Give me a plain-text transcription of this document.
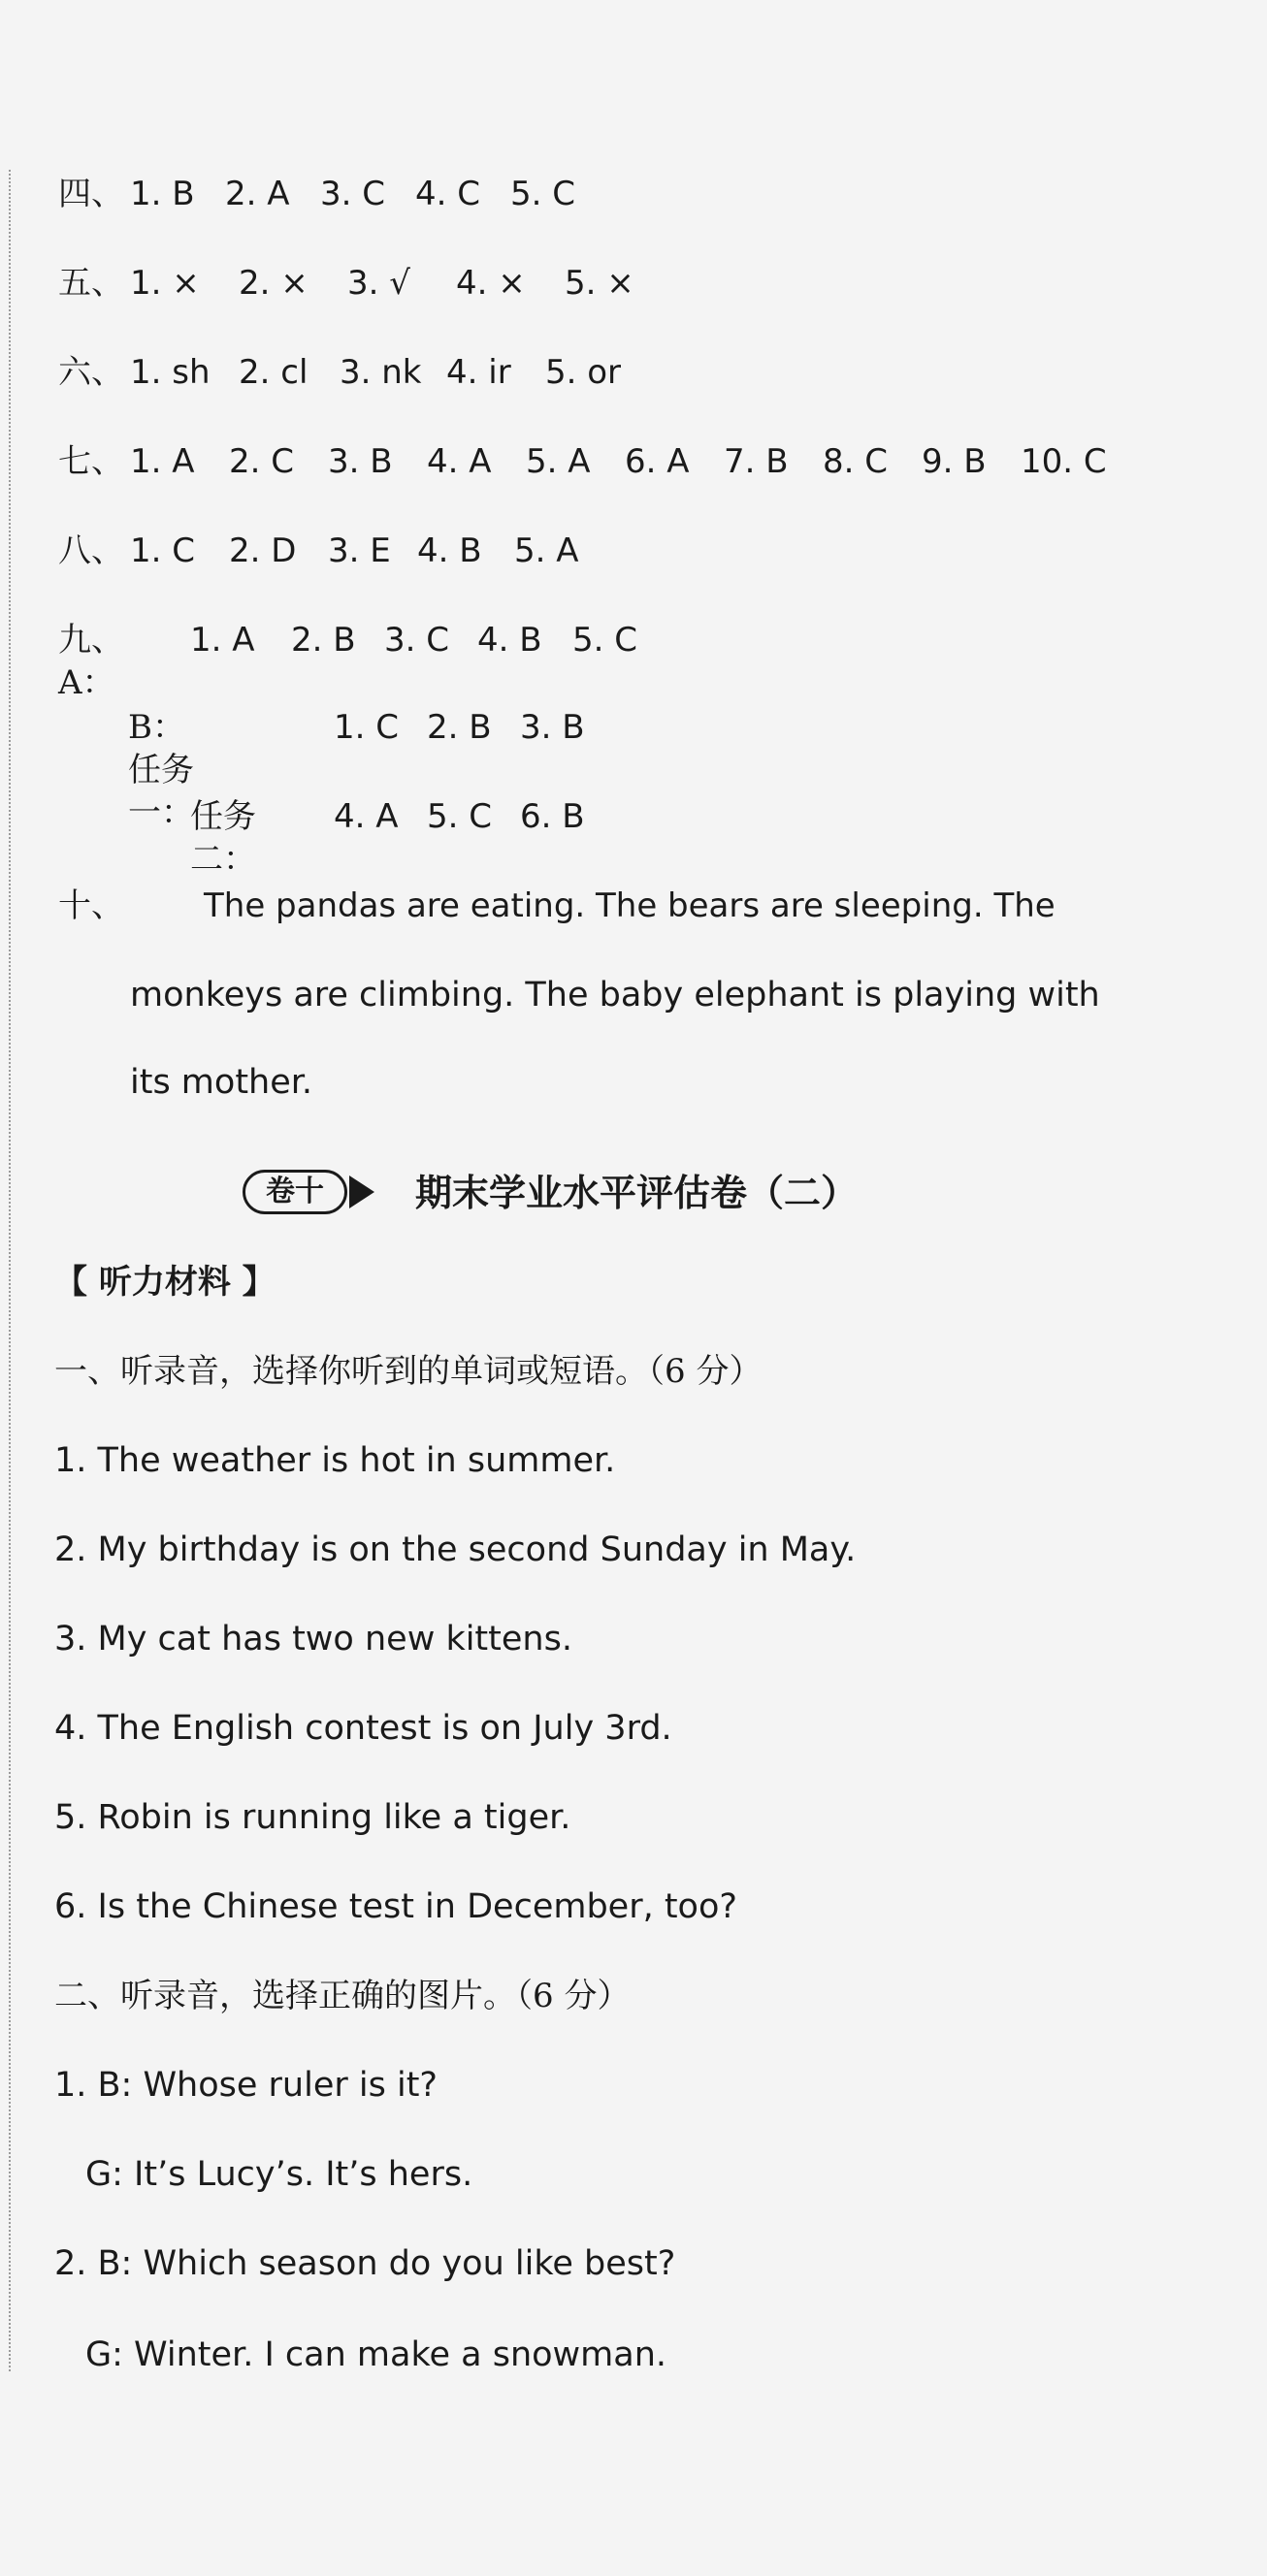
四、 1. B 2. A 3. C 4. C 5. C
五、 1. × 2. × 3. √ 4. × 5. ×
六、 1. sh 2. cl 3. nk 4. ir 5. or
七、 1. A 2. C 3. B 4. A 5. A 6. A 7. B 8. C 9. B 10. C
八、 1. C 2. D 3. E 4. B 5. A
九、A：
1. A 2. B 3. C 4. B 5. C
B：任务一：
1. C 2. B 3. B
任务二：
4. A 5. C 6. B
十、 The pandas are eating. The bears are sleeping. The
monkeys are climbing. The baby elephant is playing with
its mother.
卷十	期末学业水平评估卷（二）
【 听力材料 】
一、听录音，选择你听到的单词或短语。（6 分）
1. The weather is hot in summer.
2. My birthday is on the second Sunday in May.
3. My cat has two new kittens.
4. The English contest is on July 3rd.
5. Robin is running like a tiger.
6. Is the Chinese test in December, too?
二、听录音，选择正确的图片。（6 分）
1. B: Whose ruler is it?
G: It’s Lucy’s. It’s hers.
2. B: Which season do you like best?
G: Winter. I can make a snowman.
